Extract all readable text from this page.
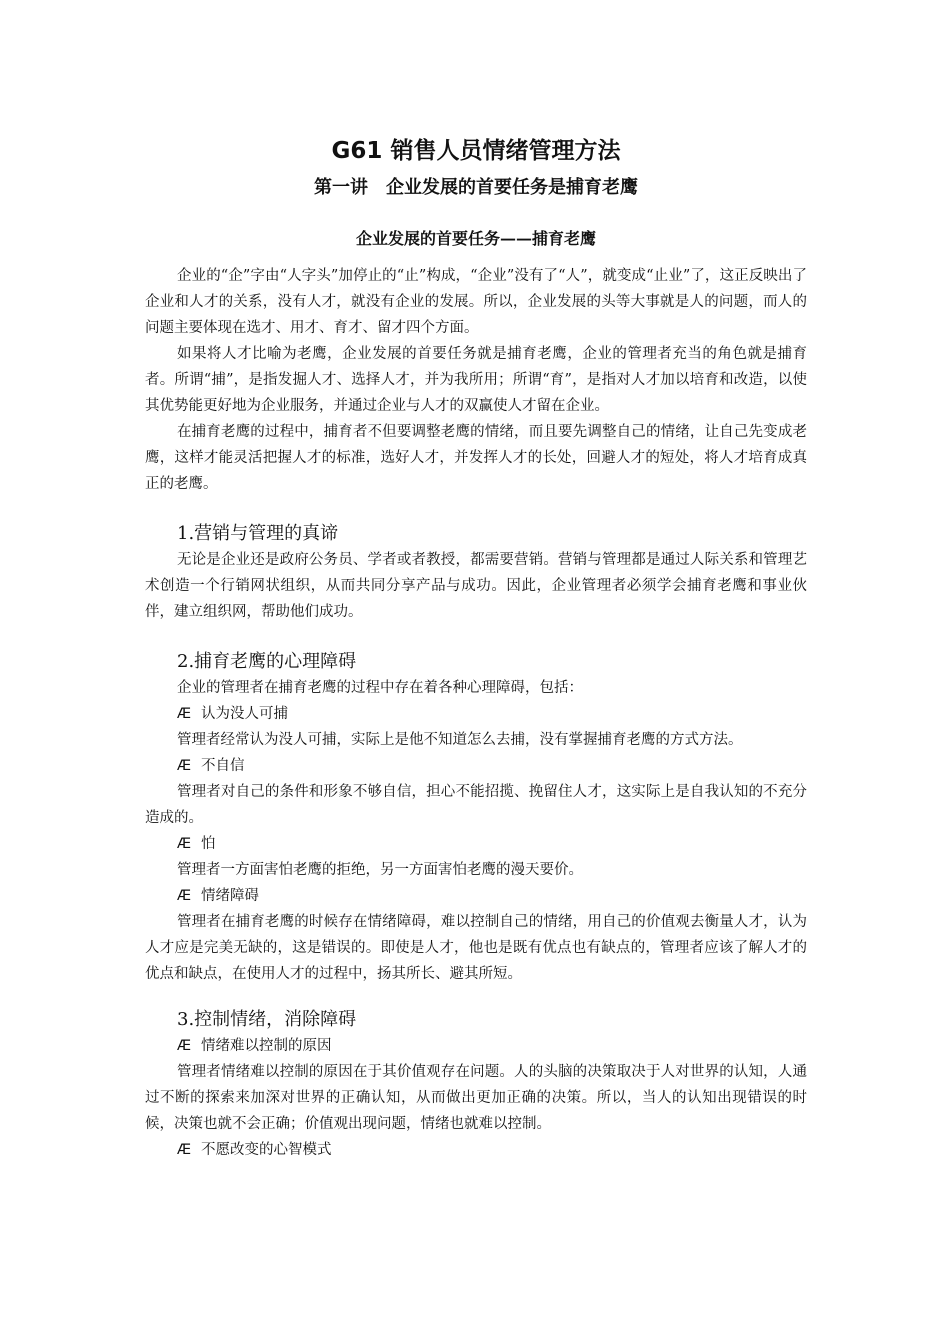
G61 销售人员情绪管理方法
第一讲　企业发展的首要任务是捕育老鹰
企业发展的首要任务——捕育老鹰

企业的“企”字由“人字头”加停止的“止”构成，“企业”没有了“人”，就变成“止业”了，这正反映出了企业和人才的关系，没有人才，就没有企业的发展。所以，企业发展的头等大事就是人的问题，而人的问题主要体现在选才、用才、育才、留才四个方面。

如果将人才比喻为老鹰，企业发展的首要任务就是捕育老鹰，企业的管理者充当的角色就是捕育者。所谓“捕”，是指发掘人才、选择人才，并为我所用；所谓“育”，是指对人才加以培育和改造，以使其优势能更好地为企业服务，并通过企业与人才的双赢使人才留在企业。

在捕育老鹰的过程中，捕育者不但要调整老鹰的情绪，而且要先调整自己的情绪，让自己先变成老鹰，这样才能灵活把握人才的标准，选好人才，并发挥人才的长处，回避人才的短处，将人才培育成真正的老鹰。

1.营销与管理的真谛

无论是企业还是政府公务员、学者或者教授，都需要营销。营销与管理都是通过人际关系和管理艺术创造一个行销网状组织，从而共同分享产品与成功。因此，企业管理者必须学会捕育老鹰和事业伙伴，建立组织网，帮助他们成功。

2.捕育老鹰的心理障碍

企业的管理者在捕育老鹰的过程中存在着各种心理障碍，包括：

Æ 认为没人可捕

管理者经常认为没人可捕，实际上是他不知道怎么去捕，没有掌握捕育老鹰的方式方法。

Æ 不自信

管理者对自己的条件和形象不够自信，担心不能招揽、挽留住人才，这实际上是自我认知的不充分造成的。

Æ 怕

管理者一方面害怕老鹰的拒绝，另一方面害怕老鹰的漫天要价。

Æ 情绪障碍

管理者在捕育老鹰的时候存在情绪障碍，难以控制自己的情绪，用自己的价值观去衡量人才，认为人才应是完美无缺的，这是错误的。即使是人才，他也是既有优点也有缺点的，管理者应该了解人才的优点和缺点，在使用人才的过程中，扬其所长、避其所短。

3.控制情绪，消除障碍

Æ 情绪难以控制的原因

管理者情绪难以控制的原因在于其价值观存在问题。人的头脑的决策取决于人对世界的认知，人通过不断的探索来加深对世界的正确认知，从而做出更加正确的决策。所以，当人的认知出现错误的时候，决策也就不会正确；价值观出现问题，情绪也就难以控制。

Æ 不愿改变的心智模式
